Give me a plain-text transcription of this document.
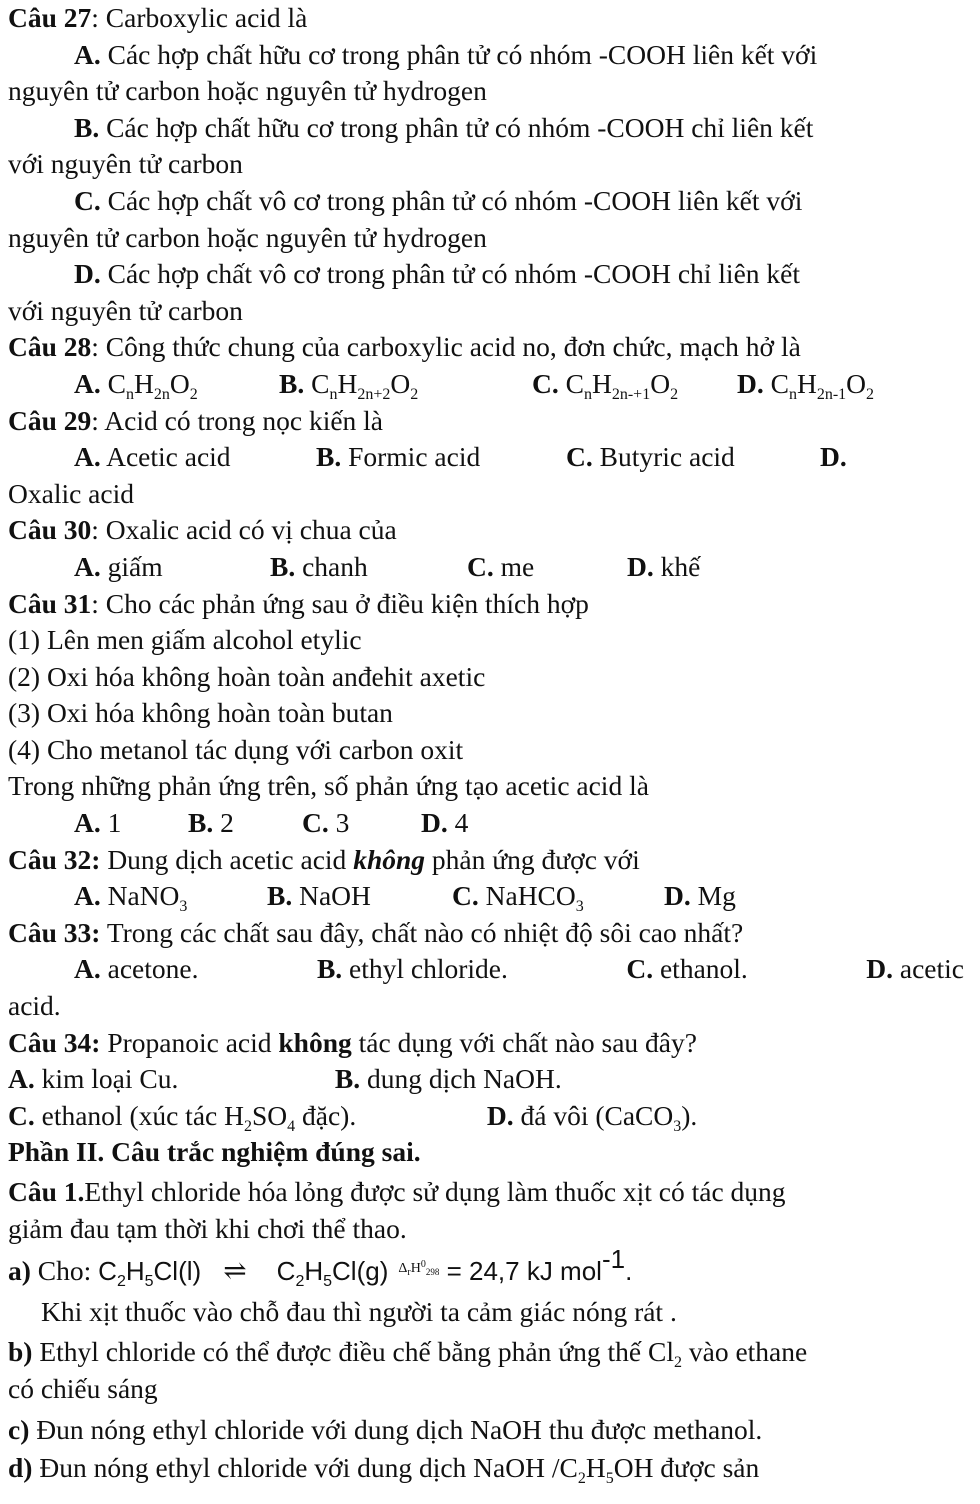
Câu 27: Carboxylic acid là
A. Các hợp chất hữu cơ trong phân tử có nhóm -COOH liên kết với
nguyên tử carbon hoặc nguyên tử hydrogen
B. Các hợp chất hữu cơ trong phân tử có nhóm -COOH chỉ liên kết
với nguyên tử carbon
C. Các hợp chất vô cơ trong phân tử có nhóm -COOH liên kết với
nguyên tử carbon hoặc nguyên tử hydrogen
D. Các hợp chất vô cơ trong phân tử có nhóm -COOH chỉ liên kết
với nguyên tử carbon
Câu 28: Công thức chung của carboxylic acid no, đơn chức, mạch hở là
A. $C_nH_{2n}O_2$	B. $C_nH_{2n+2}O_2$	C. $C_nH_{2n-+1}O_2$	D. $C_nH_{2n-1}O_2$
Câu 29: Acid có trong nọc kiến là
A. Acetic acid	B. Formic acid	C. Butyric acid	D.
Oxalic acid
Câu 30: Oxalic acid có vị chua của
A. giấm	B. chanh	C. me	D. khế
Câu 31: Cho các phản ứng sau ở điều kiện thích hợp
(1) Lên men giấm alcohol etylic
(2) Oxi hóa không hoàn toàn anđehit axetic
(3) Oxi hóa không hoàn toàn butan
(4) Cho metanol tác dụng với carbon oxit
Trong những phản ứng trên, số phản ứng tạo acetic acid là
A. 1	B. 2	C. 3	D. 4
Câu 32: Dung dịch acetic acid không phản ứng được với
A. NaNO$_3$	B. NaOH	C. NaHCO$_3$	D. Mg
Câu 33: Trong các chất sau đây, chất nào có nhiệt độ sôi cao nhất?
A. acetone.	B. ethyl chloride.	C. ethanol.	D. acetic
acid.
Câu 34: Propanoic acid không tác dụng với chất nào sau đây?
A. kim loại Cu.	B. dung dịch NaOH.
C. ethanol (xúc tác $H_2SO_4$ đặc).	D. đá vôi (CaCO$_3$).
Phần II. Câu trắc nghiệm đúng sai.
Câu 1.Ethyl chloride hóa lỏng được sử dụng làm thuốc xịt có tác dụng
giảm đau tạm thời khi chơi thể thao.
a) Cho: $C_2H_5Cl(l)$ ⇌ $C_2H_5Cl(g) ^{\Delta_rH^0_{298}} = 24,7$ kJ mol$^{-1}$.
Khi xịt thuốc vào chỗ đau thì người ta cảm giác nóng rát .
b) Ethyl chloride có thể được điều chế bằng phản ứng thế $Cl_2$ vào ethane
có chiếu sáng
c) Đun nóng ethyl chloride với dung dịch NaOH thu được methanol.
d) Đun nóng ethyl chloride với dung dịch NaOH $/C_2H_5OH$ được sản
